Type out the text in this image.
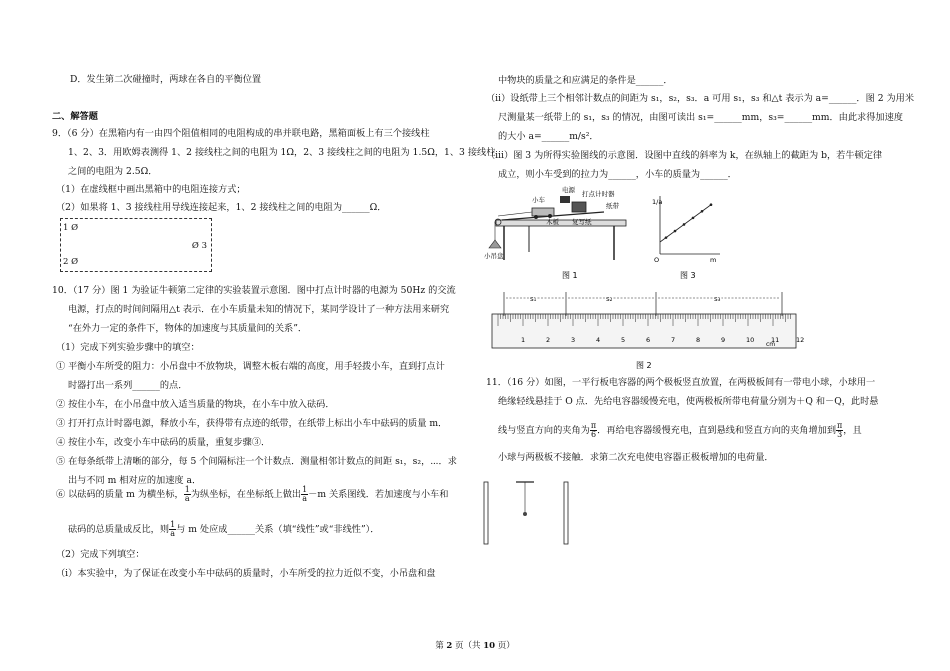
D．发生第二次碰撞时，两球在各自的平衡位置
二、解答题
9．（6 分）在黑箱内有一由四个阻值相同的电阻构成的串并联电路，黑箱面板上有三个接线柱
1、2、3．用欧姆表测得 1、2 接线柱之间的电阻为 1Ω，2、3 接线柱之间的电阻为 1.5Ω，1、3 接线柱
之间的电阻为 2.5Ω．
（1）在虚线框中画出黑箱中的电阻连接方式；
（2）如果将 1、3 接线柱用导线连接起来，1、2 接线柱之间的电阻为______Ω．
10．（17 分）图 1 为验证牛顿第二定律的实验装置示意图．图中打点计时器的电源为 50Hz 的交流
电源，打点的时间间隔用△t 表示．在小车质量未知的情况下，某同学设计了一种方法用来研究
“在外力一定的条件下，物体的加速度与其质量间的关系”．
（1）完成下列实验步骤中的填空：
① 平衡小车所受的阻力：小吊盘中不放物块，调整木板右端的高度，用手轻拨小车，直到打点计
时器打出一系列______的点．
② 按住小车，在小吊盘中放入适当质量的物块，在小车中放入砝码．
③ 打开打点计时器电源，释放小车，获得带有点迹的纸带，在纸带上标出小车中砝码的质量 m．
④ 按住小车，改变小车中砝码的质量，重复步骤③．
⑤ 在每条纸带上清晰的部分，每 5 个间隔标注一个计数点．测量相邻计数点的间距 s₁，s₂，⋯．求
出与不同 m 相对应的加速度 a．
⑥ 以砝码的质量 m 为横坐标， $\frac{1}{a}$ 为纵坐标，在坐标纸上做出 $\frac{1}{a} -m$ 关系图线．若加速度与小车和
砝码的总质量成反比，则 $\frac{1}{a}$ 与 m 处应成______关系（填“线性”或“非线性”）．
（2）完成下列填空：
（ⅰ）本实验中，为了保证在改变小车中砝码的质量时，小车所受的拉力近似不变，小吊盘和盘
1 Ø
Ø 3
2 Ø
中物块的质量之和应满足的条件是______．
（ⅱ）设纸带上三个相邻计数点的间距为 s₁，s₂，s₃．a 可用 s₁，s₃ 和△t 表示为 a=______．图 2 为用米
尺测量某一纸带上的 s₁，s₃ 的情况，由图可读出 s₁=______mm，s₃=______mm．由此求得加速度
的大小 a=______m/s²．
（ⅲ）图 3 为所得实验图线的示意图．设图中直线的斜率为 k，在纵轴上的截距为 b，若牛顿定律
成立，则小车受到的拉力为______，小车的质量为______．
11．（16 分）如图，一平行板电容器的两个极板竖直放置，在两极板间有一带电小球，小球用一
绝缘轻线悬挂于 O 点．先给电容器缓慢充电，使两极板所带电荷量分别为＋Q 和－Q，此时悬
线与竖直方向的夹角为 $\frac{\pi}{6}$ ．再给电容器缓慢充电，直到悬线和竖直方向的夹角增加到 $\frac{\pi}{3}$ ，且
小球与两极板不接触．求第二次充电使电容器正极板增加的电荷量．
小车
电源 打点计时器
纸带
木板 复写纸
小吊盘
图 1
1/a
m
O
图 3
1	2	3	4	5	6	7	8	9	10	11	12
cm
s₁	s₂	s₃
图 2
第 2 页（共 10 页）
